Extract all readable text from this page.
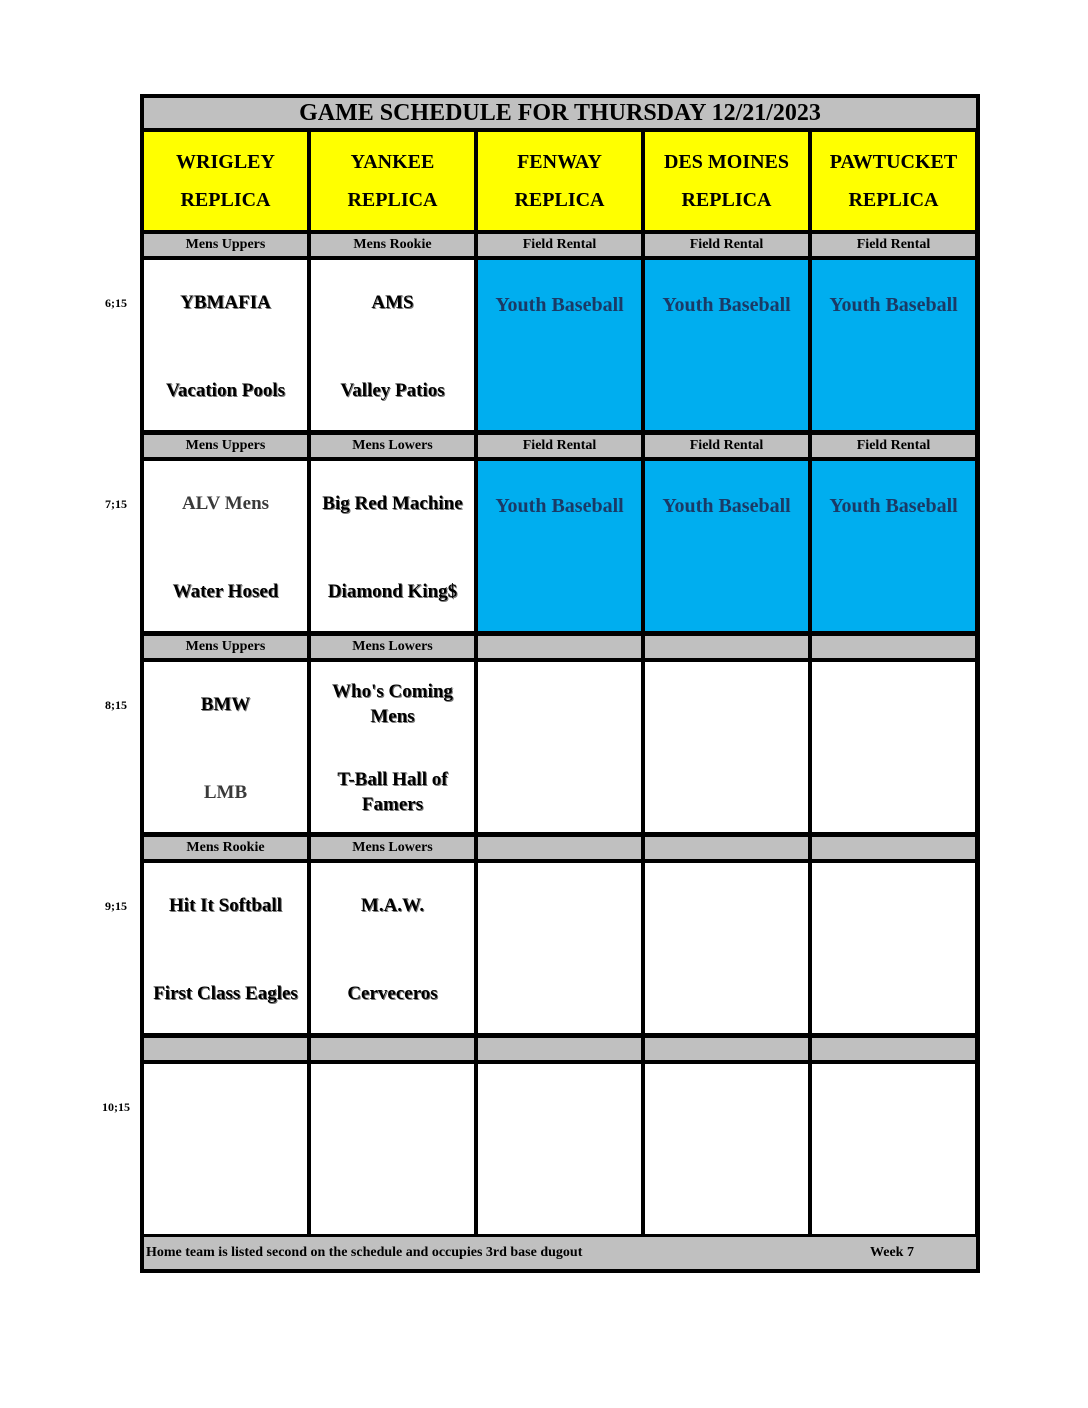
GAME SCHEDULE FOR THURSDAY 12/21/2023
Home team is listed second on the schedule and occupies 3rd base dugout	Week 7
WRIGLEY
REPLICA
YANKEE
REPLICA
FENWAY
REPLICA
DES MOINES
REPLICA
PAWTUCKET
REPLICA
Mens Uppers
YBMAFIA
Vacation Pools
Mens Rookie
AMS
Valley Patios
Field Rental
Youth Baseball
Field Rental
Youth Baseball
Field Rental
Youth Baseball
Mens Uppers
ALV Mens
Water Hosed
Mens Lowers
Big Red Machine
Diamond King$
Field Rental
Youth Baseball
Field Rental
Youth Baseball
Field Rental
Youth Baseball
Mens Uppers
BMW
LMB
Mens Lowers
Who's Coming Mens
T-Ball Hall of Famers
Mens Rookie
Hit It Softball
First Class Eagles
Mens Lowers
M.A.W.
Cerveceros
6;15
7;15
8;15
9;15
10;15
